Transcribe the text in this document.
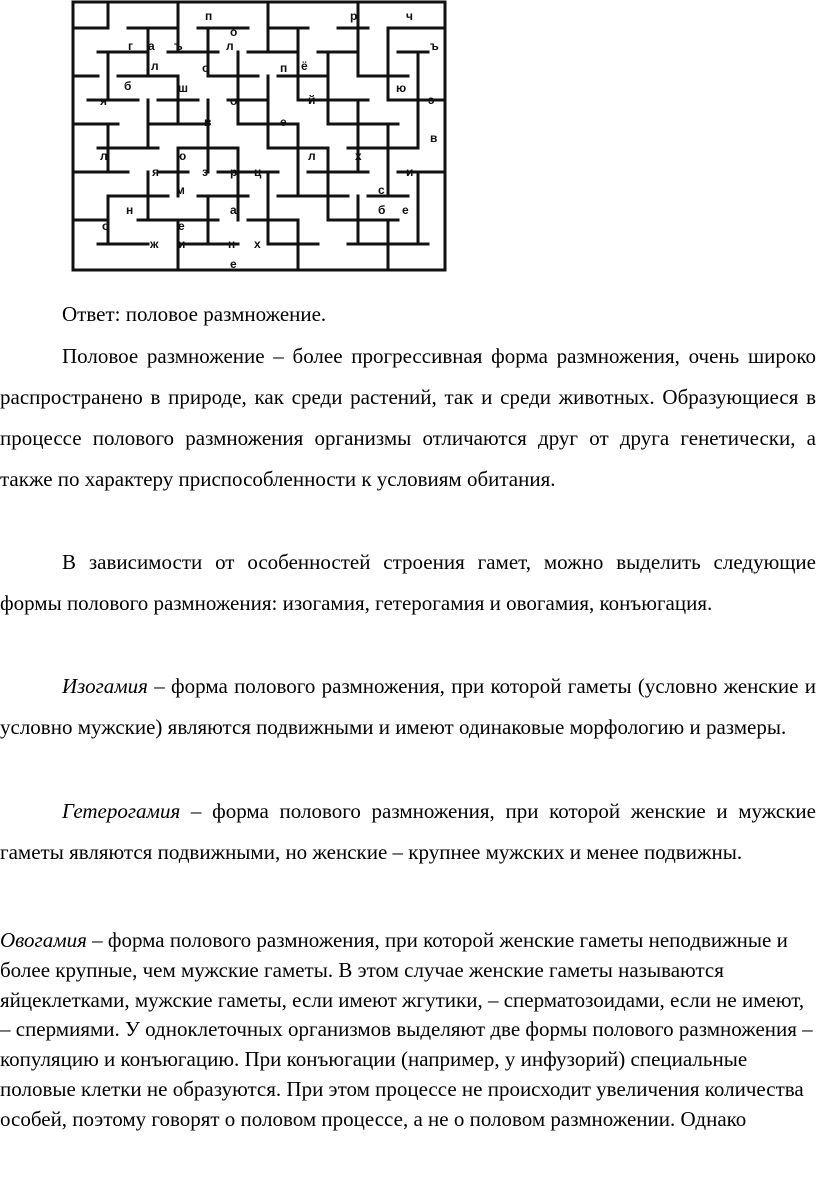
п	р	ч
о
г а ъ	л	ъ
л	о	п ё
б	ш	ю
я	о	й	э
в	е
в
л	ю	л	х
я	з р ц	и
м	с
н	а	б е
о	е
ж и	н х
е

Ответ: половое размножение.

Половое размножение – более прогрессивная форма размножения, очень широко распространено в природе, как среди растений, так и среди животных. Образующиеся в процессе полового размножения организмы отличаются друг от друга генетически, а также по характеру приспособленности к условиям обитания.

В зависимости от особенностей строения гамет, можно выделить следующие формы полового размножения: изогамия, гетерогамия и овогамия, конъюгация.

Изогамия – форма полового размножения, при которой гаметы (условно женские и условно мужские) являются подвижными и имеют одинаковые морфологию и размеры.

Гетерогамия – форма полового размножения, при которой женские и мужские гаметы являются подвижными, но женские – крупнее мужских и менее подвижны.

Овогамия – форма полового размножения, при которой женские гаметы неподвижные и более крупные, чем мужские гаметы. В этом случае женские гаметы называются яйцеклетками, мужские гаметы, если имеют жгутики, – сперматозоидами, если не имеют, – спермиями. У одноклеточных организмов выделяют две формы полового размножения – копуляцию и конъюгацию. При конъюгации (например, у инфузорий) специальные половые клетки не образуются. При этом процессе не происходит увеличения количества особей, поэтому говорят о половом процессе, а не о половом размножении. Однако
